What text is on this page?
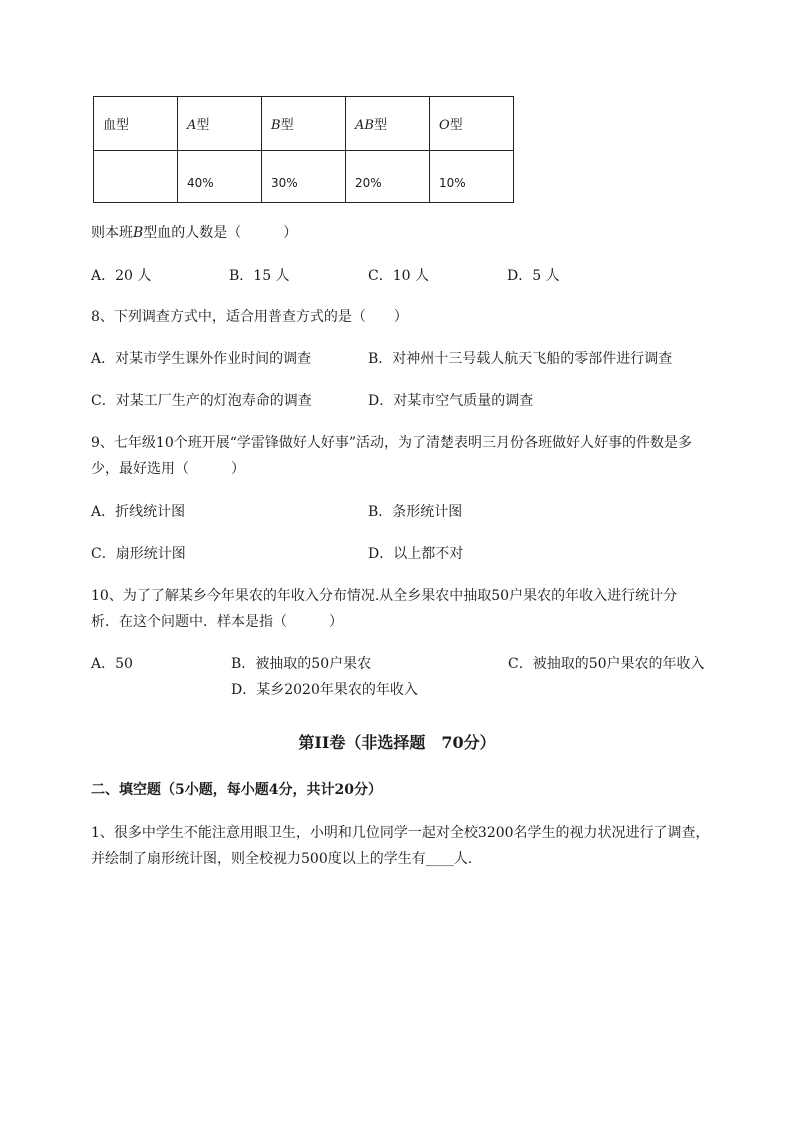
血型	A型	B型	AB型	O型
	40%	30%	20%	10%
则本班B型血的人数是（　　　）
A．20 人	B．15 人	C．10 人	D．5 人
8、下列调查方式中，适合用普查方式的是（　　）
A．对某市学生课外作业时间的调查	B．对神州十三号载人航天飞船的零部件进行调查
C．对某工厂生产的灯泡寿命的调查	D．对某市空气质量的调查
9、七年级10个班开展“学雷锋做好人好事”活动，为了清楚表明三月份各班做好人好事的件数是多
少，最好选用（　　　）
A．折线统计图	B．条形统计图
C．扇形统计图	D．以上都不对
10、为了了解某乡今年果农的年收入分布情况.从全乡果农中抽取50户果农的年收入进行统计分
析．在这个问题中．样本是指（　　　）
A．50	B．被抽取的50户果农	C．被抽取的50户果农的年收入
D．某乡2020年果农的年收入
第II卷（非选择题　70分）
二、填空题（5小题，每小题4分，共计20分）
1、很多中学生不能注意用眼卫生，小明和几位同学一起对全校3200名学生的视力状况进行了调查，
并绘制了扇形统计图，则全校视力500度以上的学生有____人.
